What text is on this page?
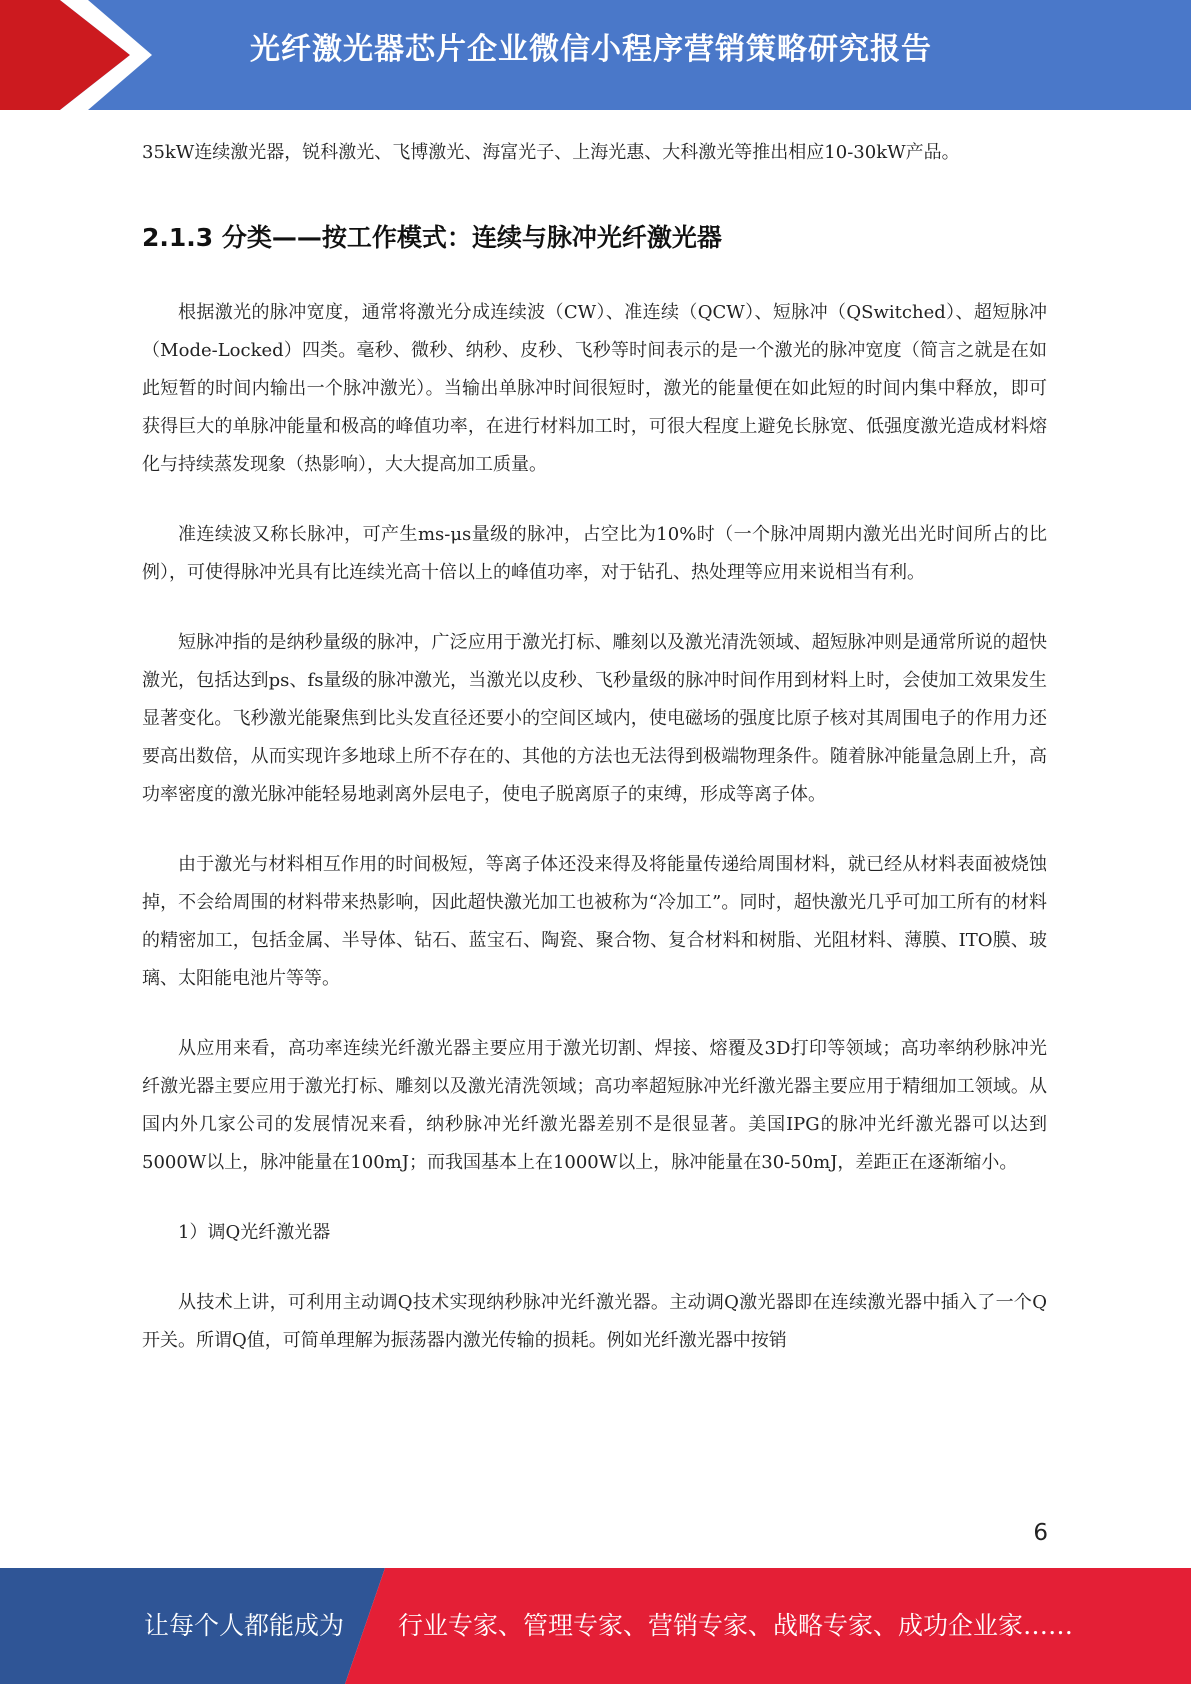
光纤激光器芯片企业微信小程序营销策略研究报告

35kW连续激光器，锐科激光、飞博激光、海富光子、上海光惠、大科激光等推出相应10-30kW产品。

2.1.3 分类——按工作模式：连续与脉冲光纤激光器

根据激光的脉冲宽度，通常将激光分成连续波（CW）、准连续（QCW）、短脉冲（QSwitched）、超短脉冲（Mode-Locked）四类。毫秒、微秒、纳秒、皮秒、飞秒等时间表示的是一个激光的脉冲宽度（简言之就是在如此短暂的时间内输出一个脉冲激光）。当输出单脉冲时间很短时，激光的能量便在如此短的时间内集中释放，即可获得巨大的单脉冲能量和极高的峰值功率，在进行材料加工时，可很大程度上避免长脉宽、低强度激光造成材料熔化与持续蒸发现象（热影响），大大提高加工质量。

准连续波又称长脉冲，可产生ms-μs量级的脉冲，占空比为10%时（一个脉冲周期内激光出光时间所占的比例），可使得脉冲光具有比连续光高十倍以上的峰值功率，对于钻孔、热处理等应用来说相当有利。

短脉冲指的是纳秒量级的脉冲，广泛应用于激光打标、雕刻以及激光清洗领域、超短脉冲则是通常所说的超快激光，包括达到ps、fs量级的脉冲激光，当激光以皮秒、飞秒量级的脉冲时间作用到材料上时，会使加工效果发生显著变化。飞秒激光能聚焦到比头发直径还要小的空间区域内，使电磁场的强度比原子核对其周围电子的作用力还要高出数倍，从而实现许多地球上所不存在的、其他的方法也无法得到极端物理条件。随着脉冲能量急剧上升，高功率密度的激光脉冲能轻易地剥离外层电子，使电子脱离原子的束缚，形成等离子体。

由于激光与材料相互作用的时间极短，等离子体还没来得及将能量传递给周围材料，就已经从材料表面被烧蚀掉，不会给周围的材料带来热影响，因此超快激光加工也被称为“冷加工”。同时，超快激光几乎可加工所有的材料的精密加工，包括金属、半导体、钻石、蓝宝石、陶瓷、聚合物、复合材料和树脂、光阻材料、薄膜、ITO膜、玻璃、太阳能电池片等等。

从应用来看，高功率连续光纤激光器主要应用于激光切割、焊接、熔覆及3D打印等领域；高功率纳秒脉冲光纤激光器主要应用于激光打标、雕刻以及激光清洗领域；高功率超短脉冲光纤激光器主要应用于精细加工领域。从国内外几家公司的发展情况来看，纳秒脉冲光纤激光器差别不是很显著。美国IPG的脉冲光纤激光器可以达到5000W以上，脉冲能量在100mJ；而我国基本上在1000W以上，脉冲能量在30-50mJ，差距正在逐渐缩小。

1）调Q光纤激光器

从技术上讲，可利用主动调Q技术实现纳秒脉冲光纤激光器。主动调Q激光器即在连续激光器中插入了一个Q开关。所谓Q值，可简单理解为振荡器内激光传输的损耗。例如光纤激光器中按销

6
让每个人都能成为 行业专家、管理专家、营销专家、战略专家、成功企业家……
